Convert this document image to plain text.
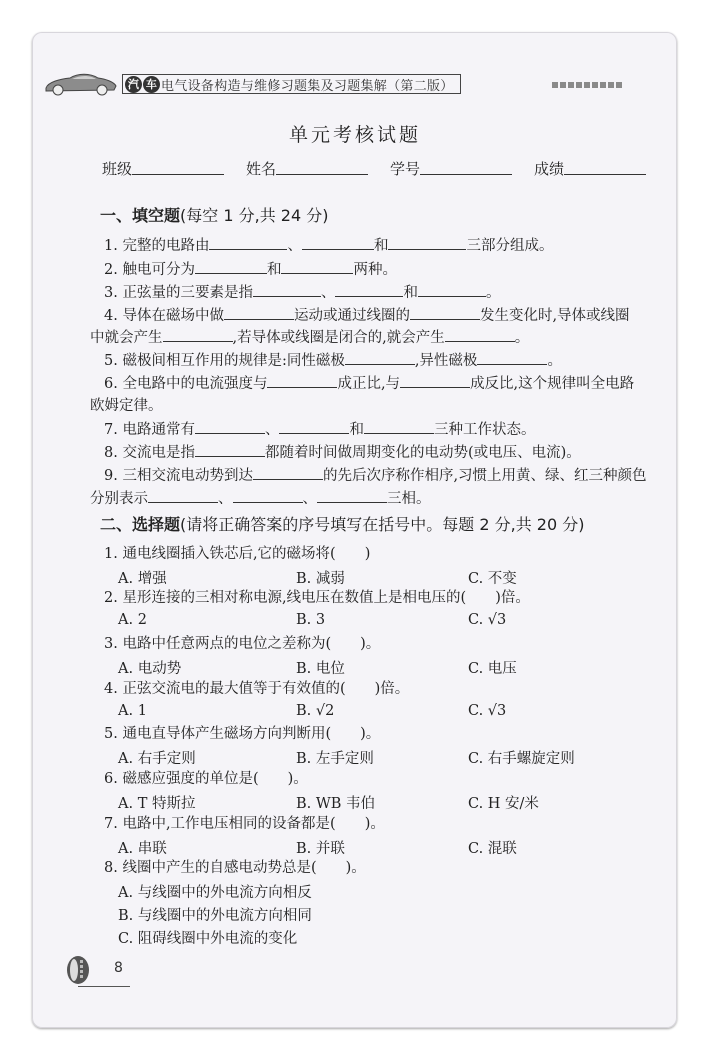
汽 车 电气设备构造与维修习题集及习题集解（第二版）
单元考核试题
班级	姓名	学号	成绩
一、填空题(每空 1 分,共 24 分)
1. 完整的电路由	、	和	三部分组成。
2. 触电可分为	和	两种。
3. 正弦量的三要素是指	、	和	。
4. 导体在磁场中做	运动或通过线圈的	发生变化时,导体或线圈
中就会产生	,若导体或线圈是闭合的,就会产生	。
5. 磁极间相互作用的规律是:同性磁极	,异性磁极	。
6. 全电路中的电流强度与	成正比,与	成反比,这个规律叫全电路
欧姆定律。
7. 电路通常有	、	和	三种工作状态。
8. 交流电是指	都随着时间做周期变化的电动势(或电压、电流)。
9. 三相交流电动势到达	的先后次序称作相序,习惯上用黄、绿、红三种颜色
分别表示	、	、	三相。
二、选择题(请将正确答案的序号填写在括号中。每题 2 分,共 20 分)
1. 通电线圈插入铁芯后,它的磁场将(　　)
A. 增强	B. 减弱	C. 不变
2. 星形连接的三相对称电源,线电压在数值上是相电压的(　　)倍。
A. 2	B. 3	C. √3
3. 电路中任意两点的电位之差称为(　　)。
A. 电动势	B. 电位	C. 电压
4. 正弦交流电的最大值等于有效值的(　　)倍。
A. 1	B. √2	C. √3
5. 通电直导体产生磁场方向判断用(　　)。
A. 右手定则	B. 左手定则	C. 右手螺旋定则
6. 磁感应强度的单位是(　　)。
A. T 特斯拉	B. WB 韦伯	C. H 安/米
7. 电路中,工作电压相同的设备都是(　　)。
A. 串联	B. 并联	C. 混联
8. 线圈中产生的自感电动势总是(　　)。
A. 与线圈中的外电流方向相反
B. 与线圈中的外电流方向相同
C. 阻碍线圈中外电流的变化
8
